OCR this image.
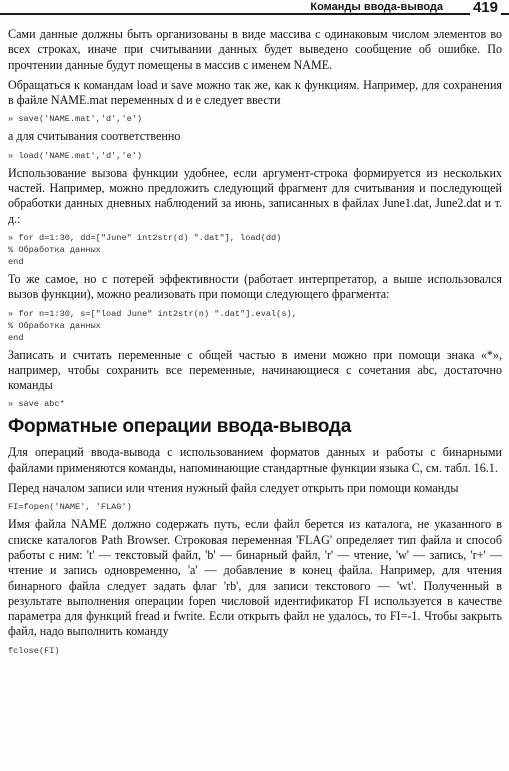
Команды ввода-вывода 419

Сами данные должны быть организованы в виде массива с одинаковым числом элементов во всех строках, иначе при считывании данных будет выведено сообщение об ошибке. По прочтении данные будут помещены в массив с именем NAME.

Обращаться к командам load и save можно так же, как к функциям. Например, для сохранения в файле NAME.mat переменных d и e следует ввести

» save('NAME.mat','d','e')

а для считывания соответственно

» load('NAME.mat','d','e')

Использование вызова функции удобнее, если аргумент-строка формируется из нескольких частей. Например, можно предложить следующий фрагмент для считывания и последующей обработки данных дневных наблюдений за июнь, записанных в файлах June1.dat, June2.dat и т. д.:

» for d=1:30, dd=["June" int2str(d) ".dat"], load(dd)
% Обработка данных
end

То же самое, но с потерей эффективности (работает интерпретатор, а выше использовался вызов функции), можно реализовать при помощи следующего фрагмента:

» for n=1:30, s=["load June" int2str(n) ".dat"].eval(s),
% Обработка данных
end

Записать и считать переменные с общей частью в имени можно при помощи знака «*», например, чтобы сохранить все переменные, начинающиеся с сочетания abc, достаточно команды

» save abc*
Форматные операции ввода-вывода

Для операций ввода-вывода с использованием форматов данных и работы с бинарными файлами применяются команды, напоминающие стандартные функции языка С, см. табл. 16.1.

Перед началом записи или чтения нужный файл следует открыть при помощи команды

FI=fopen('NAME', 'FLAG')

Имя файла NAME должно содержать путь, если файл берется из каталога, не указанного в списке каталогов Path Browser. Строковая переменная 'FLAG' определяет тип файла и способ работы с ним: 't' — текстовый файл, 'b' — бинарный файл, 'r' — чтение, 'w' — запись, 'r+' — чтение и запись одновременно, 'a' — добавление в конец файла. Например, для чтения бинарного файла следует задать флаг 'rb', для записи текстового — 'wt'. Полученный в результате выполнения операции fopen числовой идентификатор FI используется в качестве параметра для функций fread и fwrite. Если открыть файл не удалось, то FI=-1. Чтобы закрыть файл, надо выполнить команду

fclose(FI)
